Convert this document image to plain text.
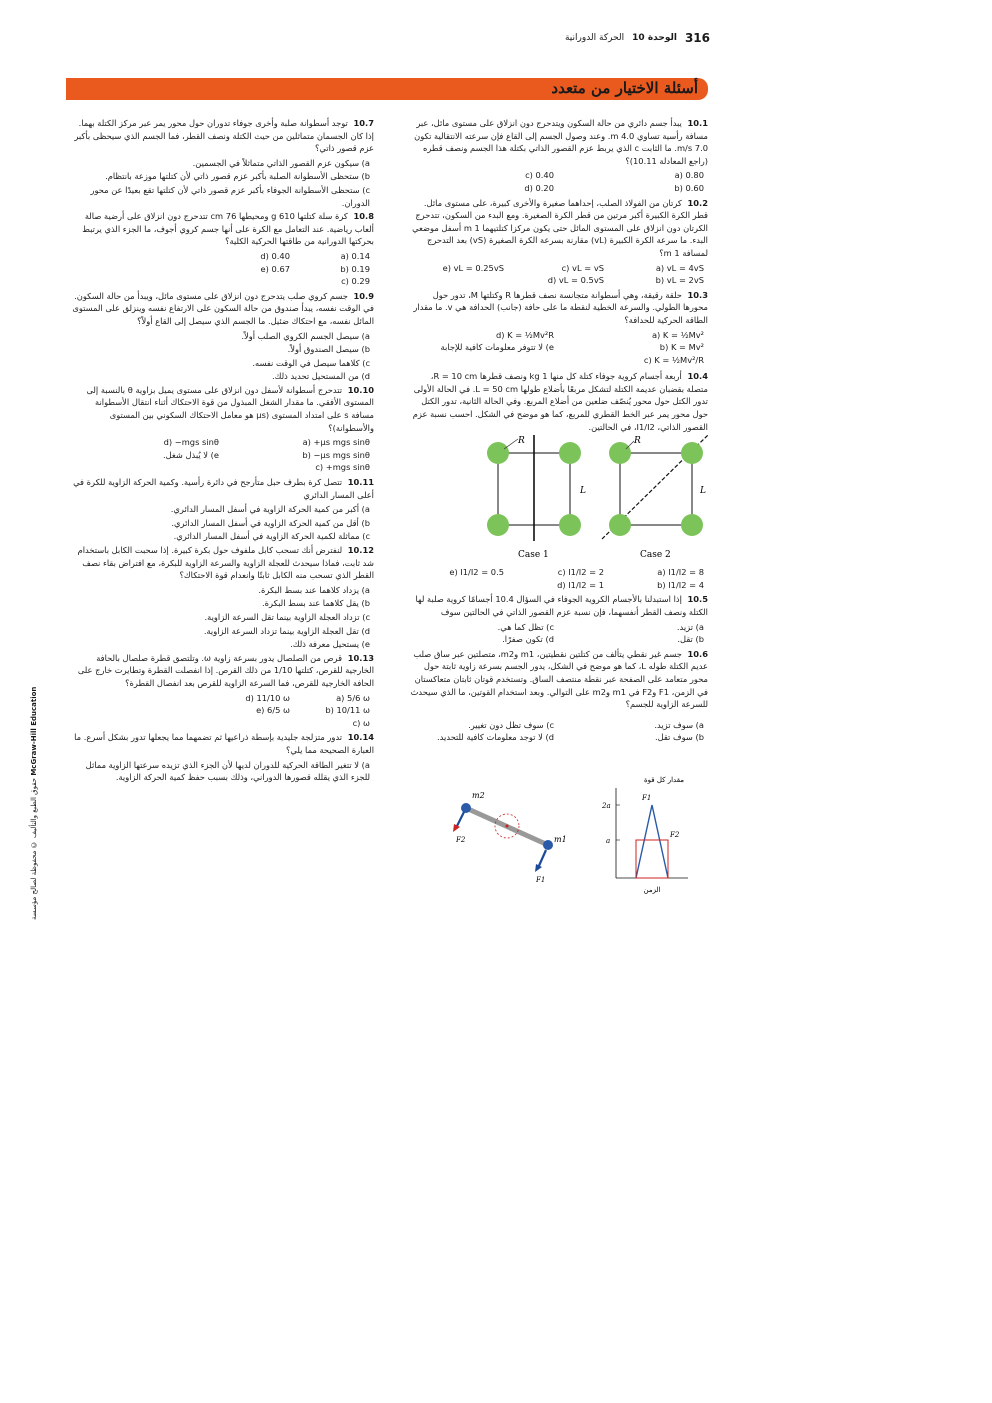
316
الوحدة 10
الحركة الدورانية
أسئلة الاختيار من متعدد
حقوق الطبع والتأليف © محفوظة لصالح مؤسسة McGraw-Hill Education
10.1 يبدأ جسم دائري من حالة السكون ويتدحرج دون انزلاق على مستوى مائل، عبر مسافة رأسية تساوي 4.0 m. وعند وصول الجسم إلى القاع فإن سرعته الانتقالية تكون 7.0 m/s. ما الثابت c الذي يربط عزم القصور الذاتي بكتلة هذا الجسم ونصف قطره (راجع المعادلة 10.11)؟
a) 0.80
c) 0.40
b) 0.60
d) 0.20
10.2 كرتان من الفولاذ الصلب، إحداهما صغيرة والأخرى كبيرة، على مستوى مائل. قطر الكرة الكبيرة أكبر مرتين من قطر الكرة الصغيرة. ومع البدء من السكون، تتدحرج الكرتان دون انزلاق على المستوى المائل حتى يكون مركزا كتلتيهما 1 m أسفل موضعي البدء. ما سرعة الكرة الكبيرة (vL) مقارنة بسرعة الكرة الصغيرة (vS) بعد التدحرج لمسافة 1 m؟
a) vL = 4vS
c) vL = vS
e) vL = 0.25vS
b) vL = 2vS
d) vL = 0.5vS
10.3 حلقة رقيقة، وهي أسطوانة متجانسة نصف قطرها R وكتلتها M، تدور حول محورها الطولي. والسرعة الخطية لنقطة ما على حافة (جانب) الحدافة هي v. ما مقدار الطاقة الحركية للحدافة؟
a) K = ½Mv²
d) K = ½Mv²R
b) K = Mv²
e) لا تتوفر معلومات كافية للإجابة
c) K = ½Mv²/R
10.4 أربعة أجسام كروية جوفاء كتلة كل منها 1 kg ونصف قطرها R = 10 cm، متصلة بقضبان عديمة الكتلة لتشكل مربعًا بأضلاع طولها L = 50 cm. في الحالة الأولى تدور الكتل حول محور يُنصّف ضلعين من أضلاع المربع. وفي الحالة الثانية، تدور الكتل حول محور يمر عبر الخط القطري للمربع، كما هو موضح في الشكل. احسب نسبة عزم القصور الذاتي، I1/I2، في الحالتين.
R
L
Case 1
R
L
Case 2
a) I1/I2 = 8
c) I1/I2 = 2
e) I1/I2 = 0.5
b) I1/I2 = 4
d) I1/I2 = 1
10.5 إذا استبدلنا بالأجسام الكروية الجوفاء في السؤال 10.4 أجسامًا كروية صلبة لها الكتلة ونصف القطر أنفسهما، فإن نسبة عزم القصور الذاتي في الحالتين سوف
a) تزيد.
c) تظل كما هي.
b) تقل.
d) تكون صفرًا.
10.6 جسم غير نقطي يتألف من كتلتين نقطيتين، m1 وm2، متصلتين عبر ساق صلب عديم الكتلة طوله L، كما هو موضح في الشكل، يدور الجسم بسرعة زاوية ثابتة حول محور متعامد على الصفحة عبر نقطة منتصف الساق. وتستخدم قوتان ثابتان متعاكستان في الزمن، F1 وF2 في m1 وm2 على التوالي. وبعد استخدام القوتين، ما الذي سيحدث للسرعة الزاوية للجسم؟
a) سوف تزيد.
c) سوف تظل دون تغيير.
b) سوف تقل.
d) لا توجد معلومات كافية للتحديد.
m2
m1
F2
F1
مقدار كل قوة
الزمن
2a
a
F1
F2
10.7 توجد أسطوانة صلبة وأخرى جوفاء تدوران حول محور يمر عبر مركز الكتلة بهما. إذا كان الجسمان متماثلين من حيث الكتلة ونصف القطر، فما الجسم الذي سيحظى بأكبر عزم قصور ذاتي؟
a) سيكون عزم القصور الذاتي متماثلاً في الجسمين.
b) ستحظى الأسطوانة الصلبة بأكبر عزم قصور ذاتي لأن كتلتها موزعة بانتظام.
c) ستحظى الأسطوانة الجوفاء بأكبر عزم قصور ذاتي لأن كتلتها تقع بعيدًا عن محور الدوران.
10.8 كرة سلة كتلتها 610 g ومحيطها 76 cm تتدحرج دون انزلاق على أرضية صالة ألعاب رياضية. عند التعامل مع الكرة على أنها جسم كروي أجوف، ما الجزء الذي يرتبط بحركتها الدورانية من طاقتها الحركية الكلية؟
a) 0.14
d) 0.40
b) 0.19
e) 0.67
c) 0.29
10.9 جسم كروي صلب يتدحرج دون انزلاق على مستوى مائل، ويبدأ من حالة السكون. في الوقت نفسه، يبدأ صندوق من حالة السكون على الارتفاع نفسه وينزلق على المستوى المائل نفسه، مع احتكاك ضئيل. ما الجسم الذي سيصل إلى القاع أولاً؟
a) سيصل الجسم الكروي الصلب أولاً.
b) سيصل الصندوق أولاً.
c) كلاهما سيصل في الوقت نفسه.
d) من المستحيل تحديد ذلك.
10.10 تتدحرج أسطوانة لأسفل دون انزلاق على مستوى يميل بزاوية θ بالنسبة إلى المستوى الأفقي. ما مقدار الشغل المبذول من قوة الاحتكاك أثناء انتقال الأسطوانة مسافة s على امتداد المستوى (μs هو معامل الاحتكاك السكوني بين المستوى والأسطوانة)؟
a) +μs mgs sinθ
d) −mgs sinθ
b) −μs mgs sinθ
e) لا يُبذل شغل.
c) +mgs sinθ
10.11 تتصل كرة بطرف حبل متأرجح في دائرة رأسية. وكمية الحركة الزاوية للكرة في أعلى المسار الدائري
a) أكبر من كمية الحركة الزاوية في أسفل المسار الدائري.
b) أقل من كمية الحركة الزاوية في أسفل المسار الدائري.
c) مماثلة لكمية الحركة الزاوية في أسفل المسار الدائري.
10.12 لنفترض أنك تسحب كابل ملفوف حول بكرة كبيرة. إذا سحبت الكابل باستخدام شد ثابت، فماذا سيحدث للعجلة الزاوية والسرعة الزاوية للبكرة، مع افتراض بقاء نصف القطر الذي تسحب منه الكابل ثابتًا وانعدام قوة الاحتكاك؟
a) يزداد كلاهما عند بسط البكرة.
b) يقل كلاهما عند بسط البكرة.
c) تزداد العجلة الزاوية بينما تقل السرعة الزاوية.
d) تقل العجلة الزاوية بينما تزداد السرعة الزاوية.
e) يستحيل معرفة ذلك.
10.13 قرص من الصلصال يدور بسرعة زاوية ω. وتلتصق قطرة صلصال بالحافة الخارجية للقرص، كتلتها 1/10 من ذلك القرص. إذا انفصلت القطرة وتطايرت خارج على الحافة الخارجية للقرص، فما السرعة الزاوية للقرص بعد انفصال القطرة؟
a) 5/6 ω
d) 11/10 ω
b) 10/11 ω
e) 6/5 ω
c) ω
10.14 تدور متزلجة جليدية بإسطة ذراعيها ثم تضمهما مما يجعلها تدور بشكل أسرع. ما العبارة الصحيحة مما يلي؟
a) لا تتغير الطاقة الحركية للدوران لديها لأن الجزء الذي تزيده سرعتها الزاوية مماثل للجزء الذي يقلله قصورها الدوراني، وذلك بسبب حفظ كمية الحركة الزاوية.
